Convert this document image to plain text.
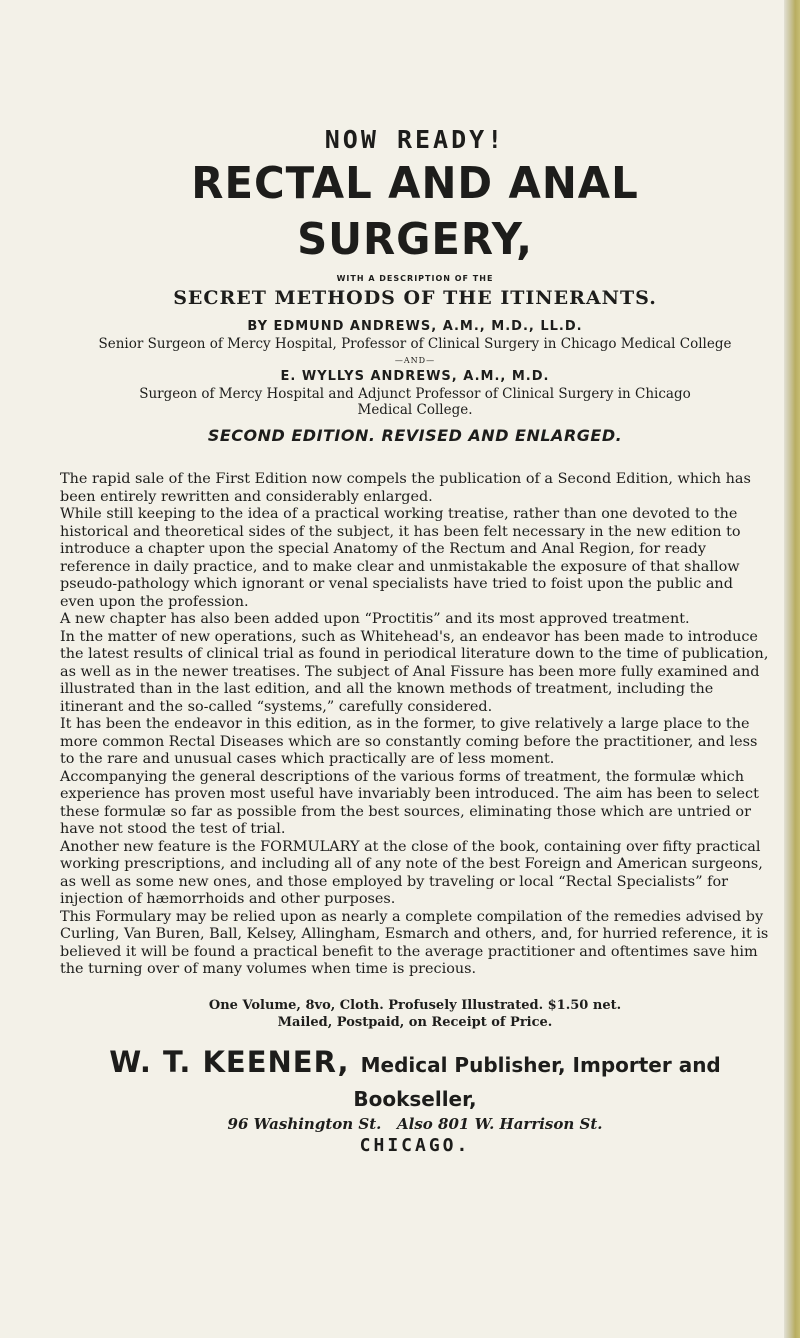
NOW READY!
RECTAL AND ANAL SURGERY,
WITH A DESCRIPTION OF THE
SECRET METHODS OF THE ITINERANTS.
BY EDMUND ANDREWS, A.M., M.D., LL.D.
Senior Surgeon of Mercy Hospital, Professor of Clinical Surgery in Chicago Medical College
—AND—
E. WYLLYS ANDREWS, A.M., M.D.
Surgeon of Mercy Hospital and Adjunct Professor of Clinical Surgery in Chicago
Medical College.
SECOND EDITION. REVISED AND ENLARGED.

The rapid sale of the First Edition now compels the publication of a Second Edition, which has been entirely rewritten and considerably enlarged.

While still keeping to the idea of a practical working treatise, rather than one devoted to the historical and theoretical sides of the subject, it has been felt necessary in the new edition to introduce a chapter upon the special Anatomy of the Rectum and Anal Region, for ready reference in daily practice, and to make clear and unmistakable the exposure of that shallow pseudo-pathology which ignorant or venal specialists have tried to foist upon the public and even upon the profession.

A new chapter has also been added upon “Proctitis” and its most approved treatment.

In the matter of new operations, such as Whitehead's, an endeavor has been made to introduce the latest results of clinical trial as found in periodical literature down to the time of publication, as well as in the newer treatises. The subject of Anal Fissure has been more fully examined and illustrated than in the last edition, and all the known methods of treatment, including the itinerant and the so-called “systems,” carefully considered.

It has been the endeavor in this edition, as in the former, to give relatively a large place to the more common Rectal Diseases which are so constantly coming before the practitioner, and less to the rare and unusual cases which practically are of less moment.

Accompanying the general descriptions of the various forms of treatment, the formulæ which experience has proven most useful have invariably been introduced. The aim has been to select these formulæ so far as possible from the best sources, eliminating those which are untried or have not stood the test of trial.

Another new feature is the FORMULARY at the close of the book, containing over fifty practical working prescriptions, and including all of any note of the best Foreign and American surgeons, as well as some new ones, and those employed by traveling or local “Rectal Specialists” for injection of hæmorrhoids and other purposes.

This Formulary may be relied upon as nearly a complete compilation of the remedies advised by Curling, Van Buren, Ball, Kelsey, Allingham, Esmarch and others, and, for hurried reference, it is believed it will be found a practical benefit to the average practitioner and oftentimes save him the turning over of many volumes when time is precious.

One Volume, 8vo, Cloth. Profusely Illustrated. $1.50 net.
Mailed, Postpaid, on Receipt of Price.
W. T. KEENER, Medical Publisher, Importer and Bookseller,
96 Washington St.   Also 801 W. Harrison St.
CHICAGO.
